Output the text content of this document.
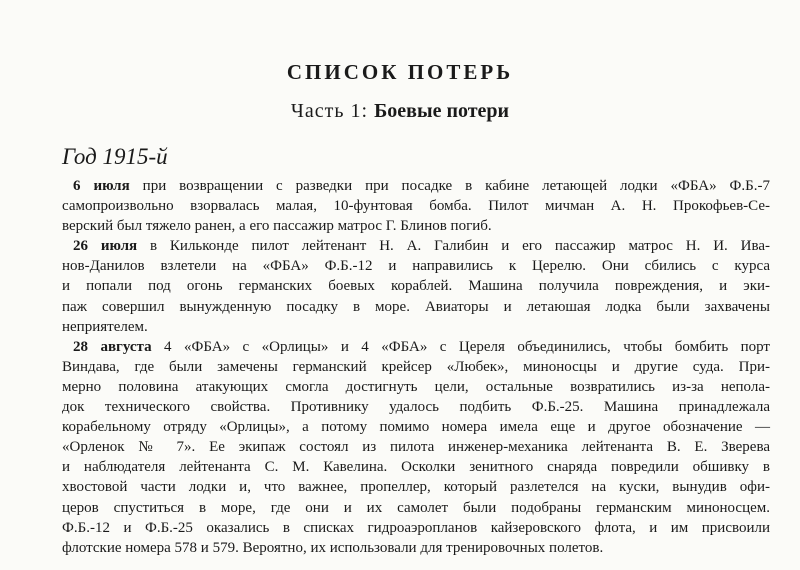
СПИСОК ПОТЕРЬ
Часть 1: Боевые потери
Год 1915-й
6 июля при возвращении с разведки при посадке в кабине летающей лодки «ФБА» Ф.Б.-7
самопроизвольно взорвалась малая, 10-фунтовая бомба. Пилот мичман А. Н. Прокофьев-Се-
верский был тяжело ранен, а его пассажир матрос Г. Блинов погиб.
26 июля в Кильконде пилот лейтенант Н. А. Галибин и его пассажир матрос Н. И. Ива-
нов-Данилов взлетели на «ФБА» Ф.Б.-12 и направились к Церелю. Они сбились с курса
и попали под огонь германских боевых кораблей. Машина получила повреждения, и эки-
паж совершил вынужденную посадку в море. Авиаторы и летаюшая лодка были захвачены
неприятелем.
28 августа 4 «ФБА» с «Орлицы» и 4 «ФБА» с Цереля объединились, чтобы бомбить порт
Виндава, где были замечены германский крейсер «Любек», миноносцы и другие суда. При-
мерно половина атакующих смогла достигнуть цели, остальные возвратились из-за непола-
док технического свойства. Противнику удалось подбить Ф.Б.-25. Машина принадлежала
корабельному отряду «Орлицы», а потому помимо номера имела еще и другое обозначение —
«Орленок № 7». Ее экипаж состоял из пилота инженер-механика лейтенанта В. Е. Зверева
и наблюдателя лейтенанта С. М. Кавелина. Осколки зенитного снаряда повредили обшивку в
хвостовой части лодки и, что важнее, пропеллер, который разлетелся на куски, вынудив офи-
церов спуститься в море, где они и их самолет были подобраны германским миноносцем.
Ф.Б.-12 и Ф.Б.-25 оказались в списках гидроаэропланов кайзеровского флота, и им присвоили
флотские номера 578 и 579. Вероятно, их использовали для тренировочных полетов.
